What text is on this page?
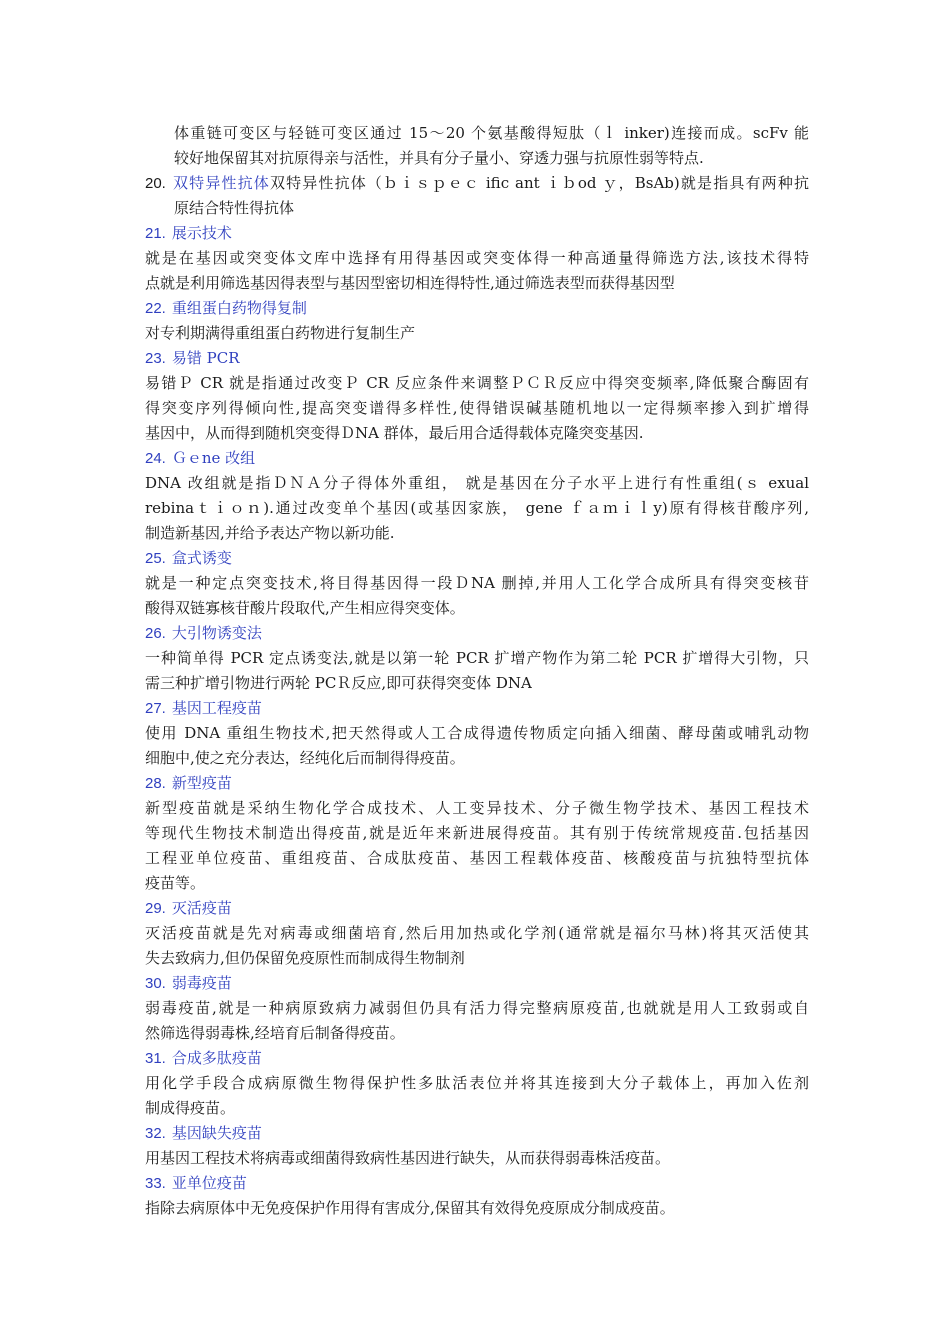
体重链可变区与轻链可变区通过 15～20 个氨基酸得短肽（ｌ inker)连接而成。scFv 能
较好地保留其对抗原得亲与活性，并具有分子量小、穿透力强与抗原性弱等特点.
20. 双特异性抗体双特异性抗体（ｂｉｓｐｅｃ ific ant ｉｂod ｙ，BsAb)就是指具有两种抗
原结合特性得抗体
21. 展示技术
就是在基因或突变体文库中选择有用得基因或突变体得一种高通量得筛选方法,该技术得特
点就是利用筛选基因得表型与基因型密切相连得特性,通过筛选表型而获得基因型
22. 重组蛋白药物得复制
对专利期满得重组蛋白药物进行复制生产
23. 易错 PCR
易错Ｐ CR 就是指通过改变Ｐ CR 反应条件来调整ＰＣＲ反应中得突变频率,降低聚合酶固有
得突变序列得倾向性,提高突变谱得多样性,使得错误碱基随机地以一定得频率掺入到扩增得
基因中，从而得到随机突变得ＤNA 群体，最后用合适得载体克隆突变基因.
24. Ｇｅne 改组
DNA 改组就是指ＤＮＡ分子得体外重组， 就是基因在分子水平上进行有性重组(ｓ exual
rebinaｔｉｏｎ).通过改变单个基因(或基因家族， gene ｆａｍｉｌy)原有得核苷酸序列,
制造新基因,并给予表达产物以新功能.
25. 盒式诱变
就是一种定点突变技术,将目得基因得一段ＤNA 删掉,并用人工化学合成所具有得突变核苷
酸得双链寡核苷酸片段取代,产生相应得突变体。
26. 大引物诱变法
一种简单得 PCR 定点诱变法,就是以第一轮 PCR 扩增产物作为第二轮 PCR 扩增得大引物，只
需三种扩增引物进行两轮 PCＲ反应,即可获得突变体 DNA
27. 基因工程疫苗
使用 DNA 重组生物技术,把天然得或人工合成得遗传物质定向插入细菌、酵母菌或哺乳动物
细胞中,使之充分表达，经纯化后而制得得疫苗。
28. 新型疫苗
新型疫苗就是采纳生物化学合成技术、人工变异技术、分子微生物学技术、基因工程技术
等现代生物技术制造出得疫苗,就是近年来新进展得疫苗。其有别于传统常规疫苗.包括基因
工程亚单位疫苗、重组疫苗、合成肽疫苗、基因工程载体疫苗、核酸疫苗与抗独特型抗体
疫苗等。
29. 灭活疫苗
灭活疫苗就是先对病毒或细菌培育,然后用加热或化学剂(通常就是福尔马林)将其灭活使其
失去致病力,但仍保留免疫原性而制成得生物制剂
30. 弱毒疫苗
弱毒疫苗,就是一种病原致病力减弱但仍具有活力得完整病原疫苗,也就就是用人工致弱或自
然筛选得弱毒株,经培育后制备得疫苗。
31. 合成多肽疫苗
用化学手段合成病原微生物得保护性多肽活表位并将其连接到大分子载体上，再加入佐剂
制成得疫苗。
32. 基因缺失疫苗
用基因工程技术将病毒或细菌得致病性基因进行缺失，从而获得弱毒株活疫苗。
33. 亚单位疫苗
指除去病原体中无免疫保护作用得有害成分,保留其有效得免疫原成分制成疫苗。
